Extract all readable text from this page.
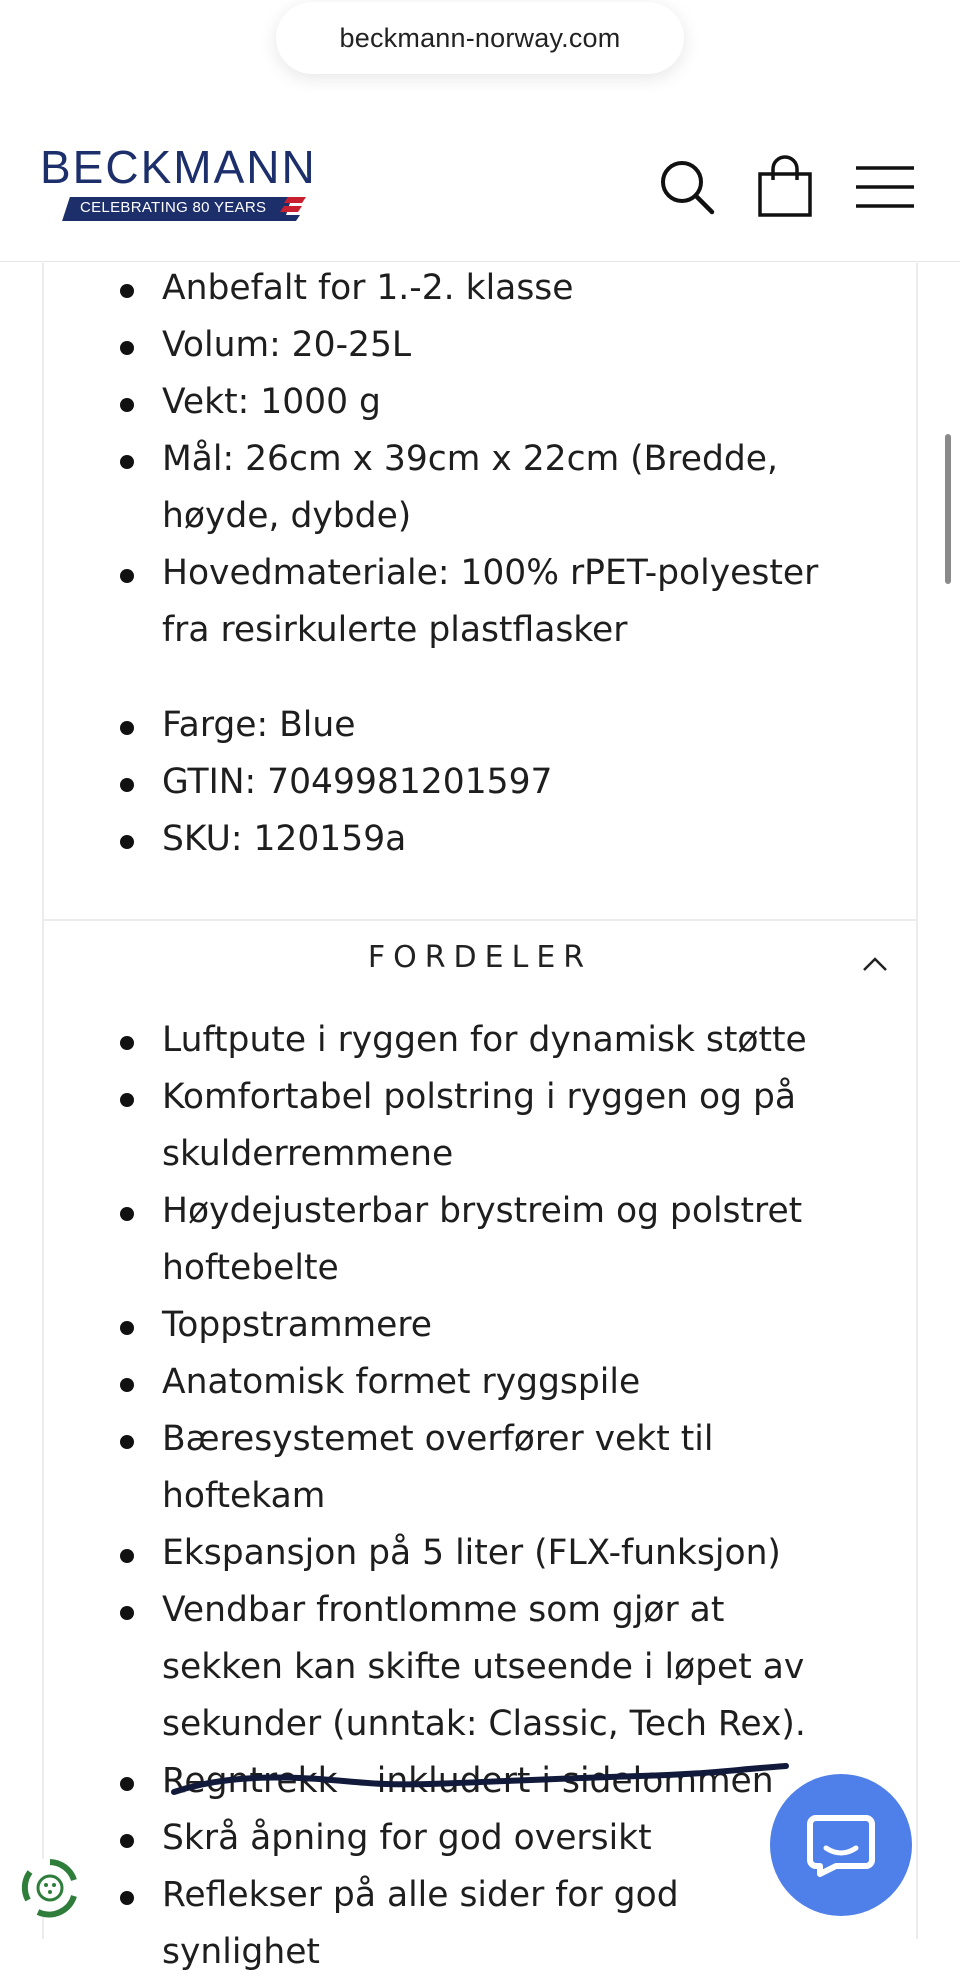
beckmann-norway.com
BECKMANN
CELEBRATING 80 YEARS
Anbefalt for 1.-2. klasse
Volum: 20-25L
Vekt: 1000 g
Mål: 26cm x 39cm x 22cm (Bredde, høyde, dybde)
Hovedmateriale: 100% rPET-polyester fra resirkulerte plastflasker
Farge: Blue
GTIN: 7049981201597
SKU: 120159a
FORDELER
Luftpute i ryggen for dynamisk støtte
Komfortabel polstring i ryggen og på skulderremmene
Høydejusterbar brystreim og polstret hoftebelte
Toppstrammere
Anatomisk formet ryggspile
Bæresystemet overfører vekt til hoftekam
Ekspansjon på 5 liter (FLX-funksjon)
Vendbar frontlomme som gjør at sekken kan skifte utseende i løpet av sekunder (unntak: Classic, Tech Rex).
Regntrekk – inkludert i sidelommen
Skrå åpning for god oversikt
Reflekser på alle sider for god synlighet
